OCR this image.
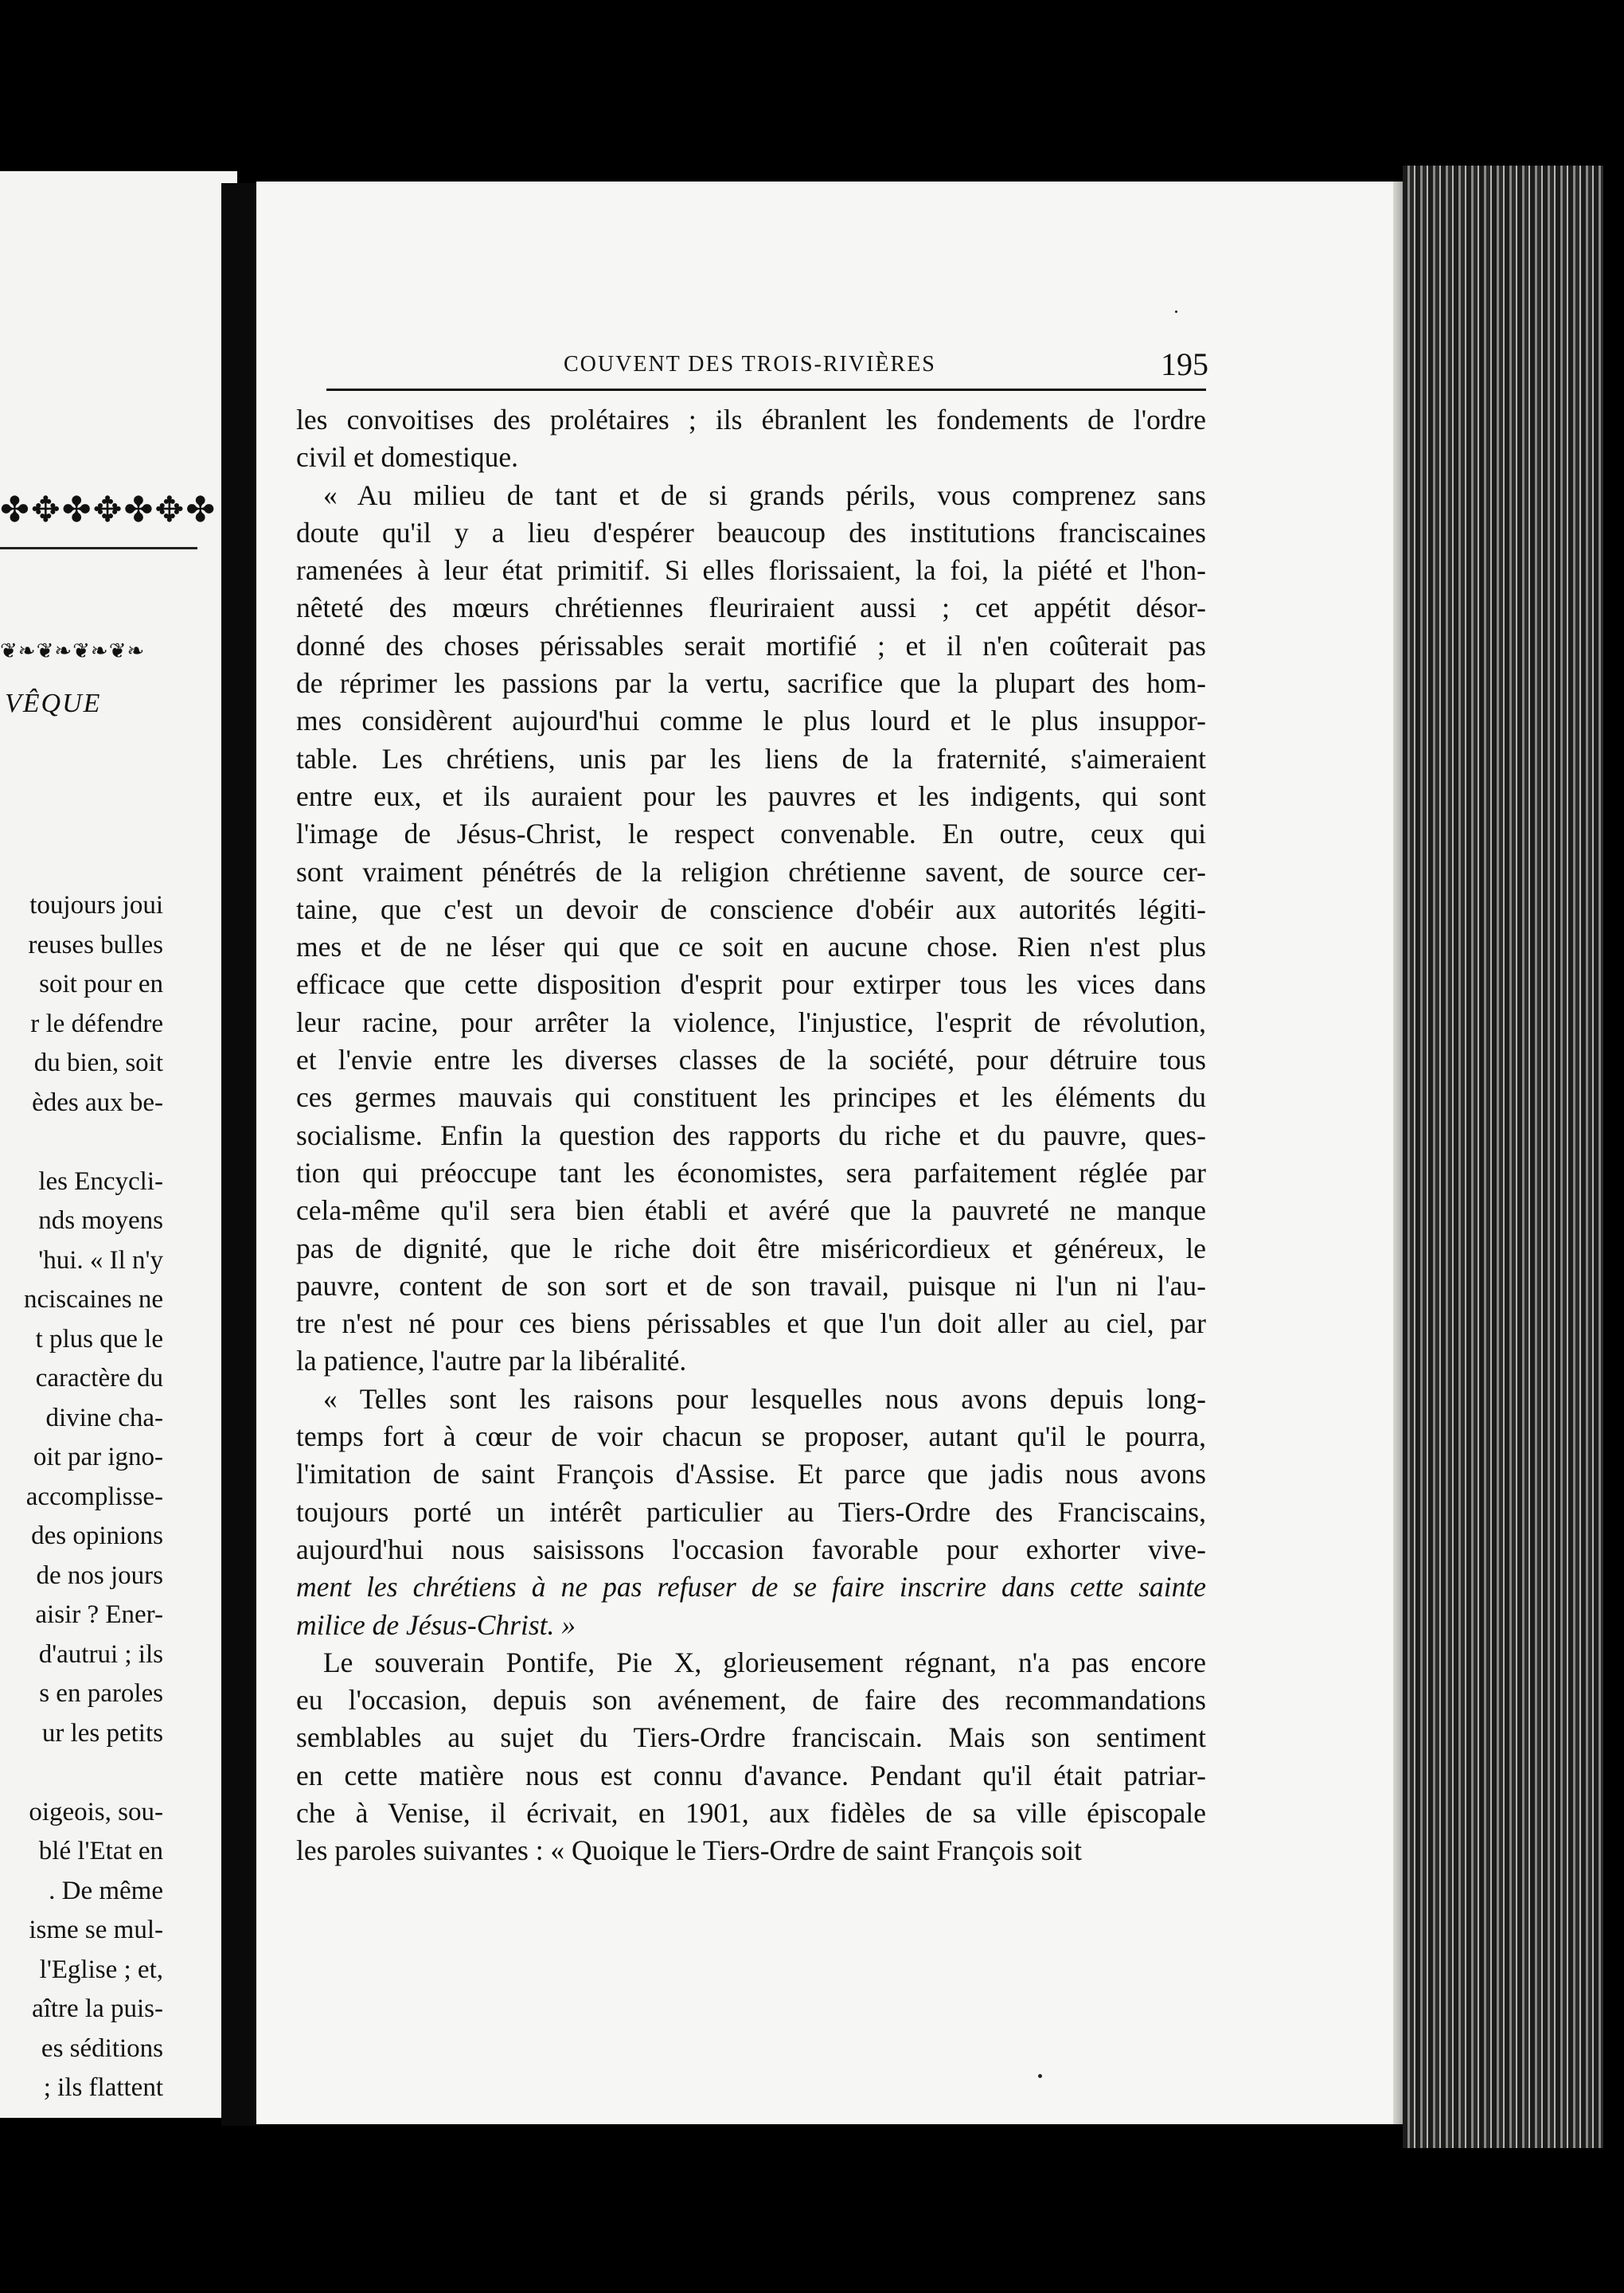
✤✥✤✥✤✥✤
❦❧❦❧❦❧❦❧
VÊQUE
toujours joui
reuses bulles
soit pour en
r le défendre
du bien, soit
èdes aux be-
les Encycli-
nds moyens
'hui. « Il n'y
nciscaines ne
t plus que le
caractère du
divine cha-
oit par igno-
accomplisse-
des opinions
de nos jours
aisir ? Ener-
d'autrui ; ils
s en paroles
ur les petits
oigeois, sou-
blé l'Etat en
. De même
isme se mul-
l'Eglise ; et,
aître la puis-
es séditions
; ils flattent
COUVENT DES TROIS-RIVIÈRES	195
les convoitises des prolétaires ; ils ébranlent les fondements de l'ordre
civil et domestique.
« Au milieu de tant et de si grands périls, vous comprenez sans
doute qu'il y a lieu d'espérer beaucoup des institutions franciscaines
ramenées à leur état primitif. Si elles florissaient, la foi, la piété et l'hon-
nêteté des mœurs chrétiennes fleuriraient aussi ; cet appétit désor-
donné des choses périssables serait mortifié ; et il n'en coûterait pas
de réprimer les passions par la vertu, sacrifice que la plupart des hom-
mes considèrent aujourd'hui comme le plus lourd et le plus insuppor-
table. Les chrétiens, unis par les liens de la fraternité, s'aimeraient
entre eux, et ils auraient pour les pauvres et les indigents, qui sont
l'image de Jésus-Christ, le respect convenable. En outre, ceux qui
sont vraiment pénétrés de la religion chrétienne savent, de source cer-
taine, que c'est un devoir de conscience d'obéir aux autorités légiti-
mes et de ne léser qui que ce soit en aucune chose. Rien n'est plus
efficace que cette disposition d'esprit pour extirper tous les vices dans
leur racine, pour arrêter la violence, l'injustice, l'esprit de révolution,
et l'envie entre les diverses classes de la société, pour détruire tous
ces germes mauvais qui constituent les principes et les éléments du
socialisme. Enfin la question des rapports du riche et du pauvre, ques-
tion qui préoccupe tant les économistes, sera parfaitement réglée par
cela-même qu'il sera bien établi et avéré que la pauvreté ne manque
pas de dignité, que le riche doit être miséricordieux et généreux, le
pauvre, content de son sort et de son travail, puisque ni l'un ni l'au-
tre n'est né pour ces biens périssables et que l'un doit aller au ciel, par
la patience, l'autre par la libéralité.
« Telles sont les raisons pour lesquelles nous avons depuis long-
temps fort à cœur de voir chacun se proposer, autant qu'il le pourra,
l'imitation de saint François d'Assise. Et parce que jadis nous avons
toujours porté un intérêt particulier au Tiers-Ordre des Franciscains,
aujourd'hui nous saisissons l'occasion favorable pour exhorter vive-
ment les chrétiens à ne pas refuser de se faire inscrire dans cette sainte
milice de Jésus-Christ. »
Le souverain Pontife, Pie X, glorieusement régnant, n'a pas encore
eu l'occasion, depuis son avénement, de faire des recommandations
semblables au sujet du Tiers-Ordre franciscain. Mais son sentiment
en cette matière nous est connu d'avance. Pendant qu'il était patriar-
che à Venise, il écrivait, en 1901, aux fidèles de sa ville épiscopale
les paroles suivantes : « Quoique le Tiers-Ordre de saint François soit
